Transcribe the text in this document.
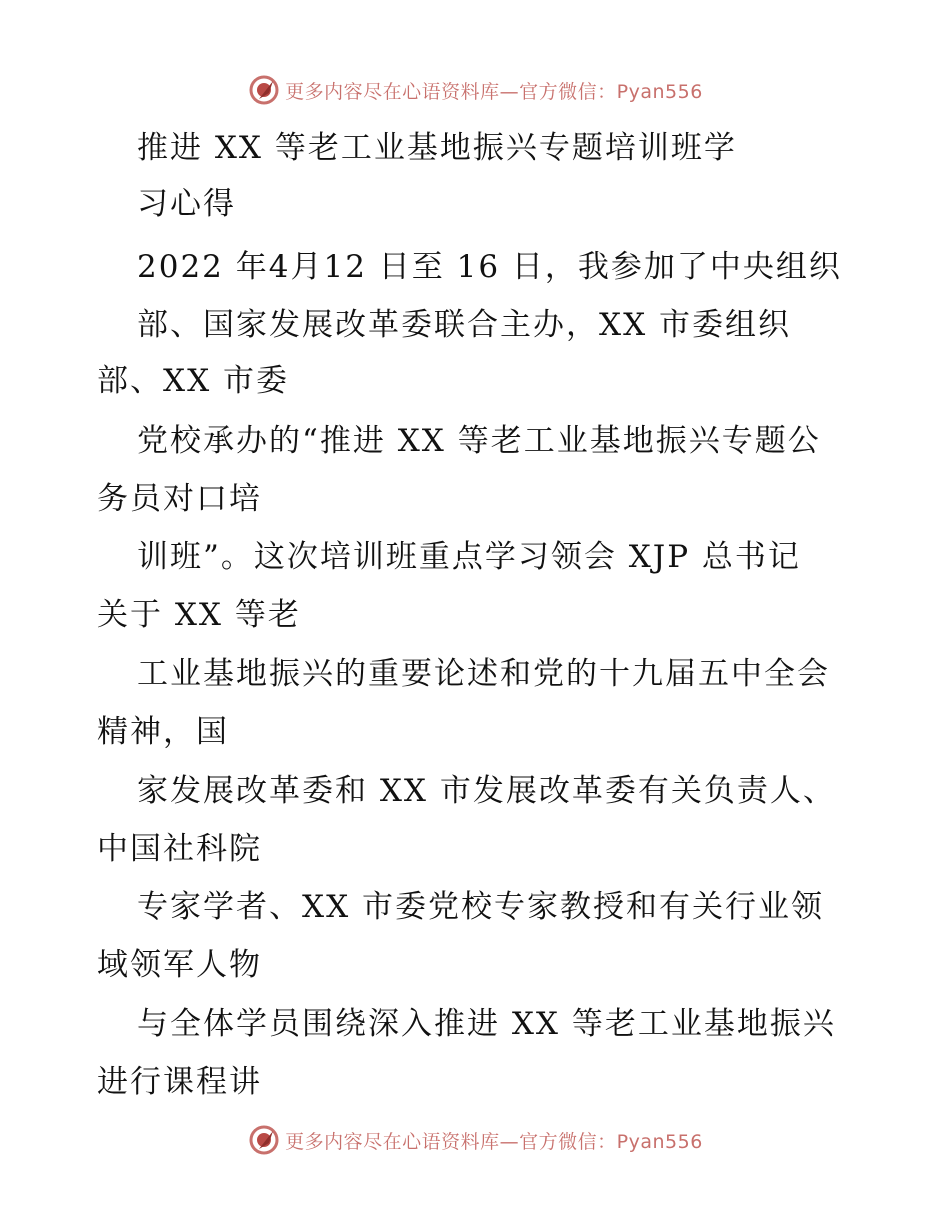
更多内容尽在心语资料库—官方微信：Pyan556
推进 XX 等老工业基地振兴专题培训班学
习心得
2022 年4月12 日至 16 日，我参加了中央组织
部、国家发展改革委联合主办，XX 市委组织
部、XX 市委
党校承办的“推进 XX 等老工业基地振兴专题公
务员对口培
训班”。这次培训班重点学习领会 XJP 总书记
关于 XX 等老
工业基地振兴的重要论述和党的十九届五中全会
精神，国
家发展改革委和 XX 市发展改革委有关负责人、
中国社科院
专家学者、XX 市委党校专家教授和有关行业领
域领军人物
与全体学员围绕深入推进 XX 等老工业基地振兴
进行课程讲
更多内容尽在心语资料库—官方微信：Pyan556
